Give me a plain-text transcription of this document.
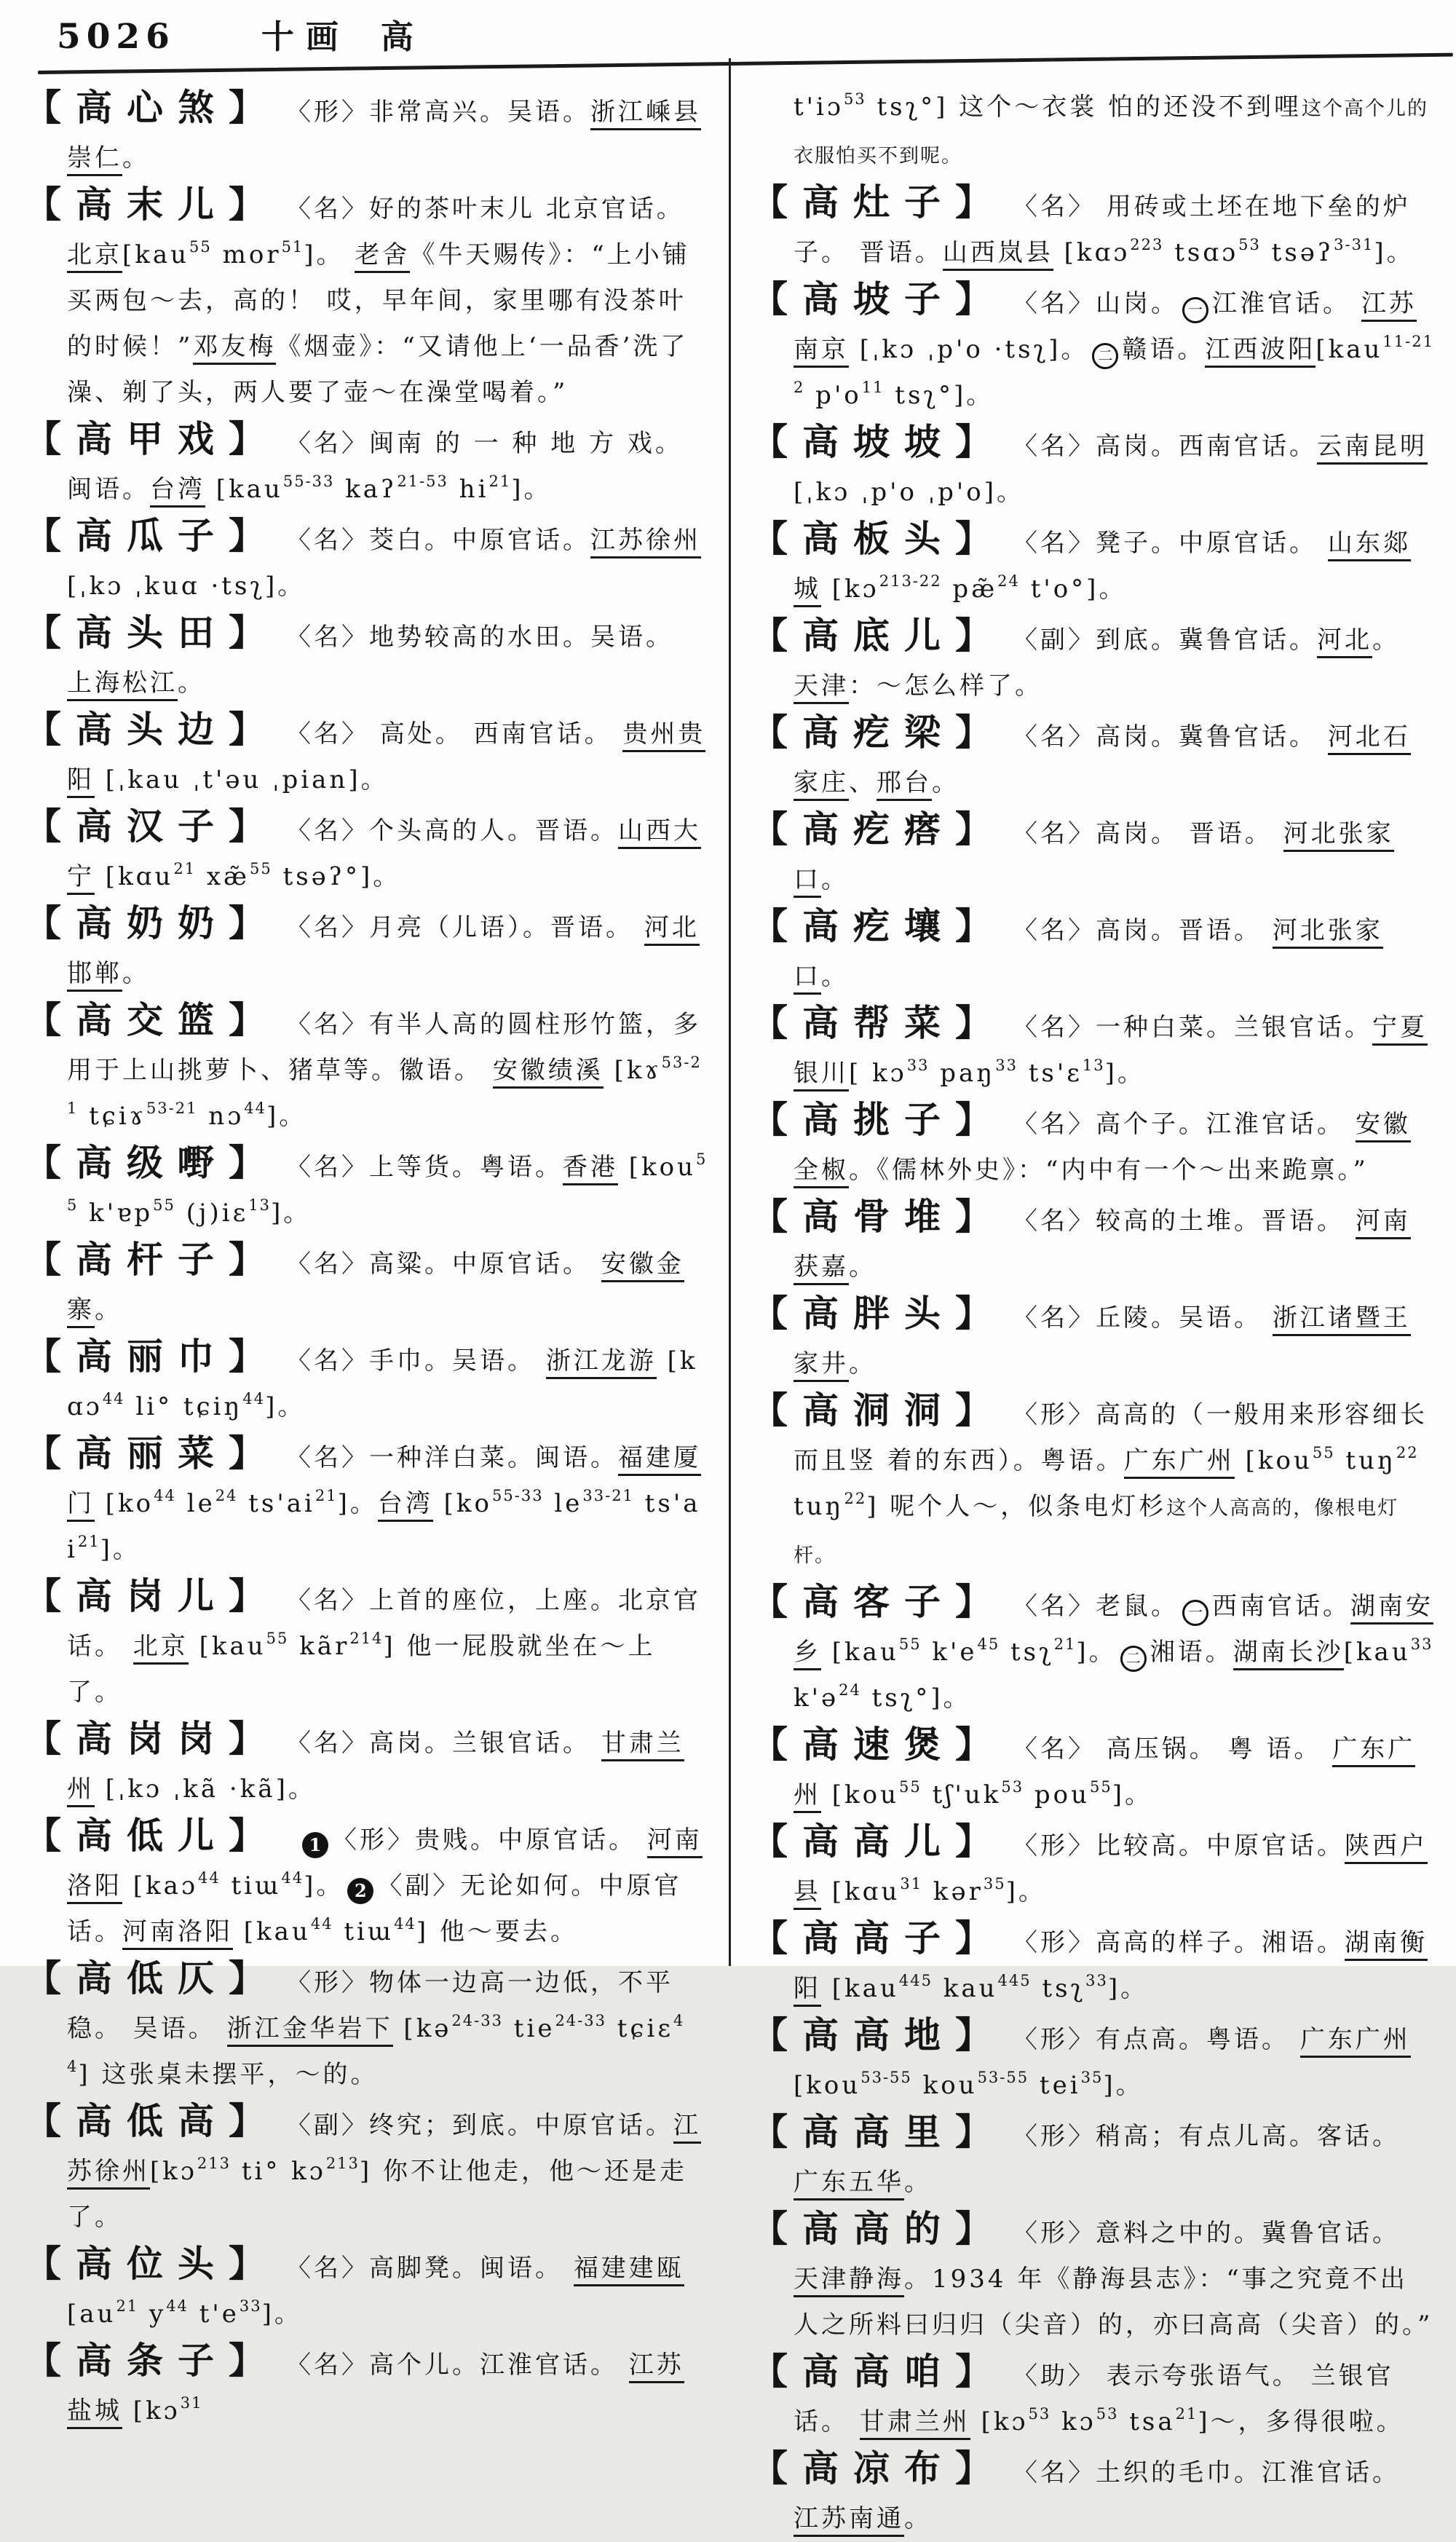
5026	十画 高

【高心煞】 〈形〉非常高兴。吴语。浙江嵊县崇仁。

【高末儿】 〈名〉好的茶叶末儿 北京官话。北京[kau$^{55}$ mor$^{51}$]。 老舍《牛天赐传》：“上小铺买两包～去，高的！ 哎，早年间，家里哪有没茶叶的时候！”邓友梅《烟壶》：“又请他上‘一品香’洗了澡、剃了头，两人要了壶～在澡堂喝着。”

【高甲戏】 〈名〉闽南 的 一 种 地 方 戏。 闽语。台湾 [kau$^{55-33}$ kaʔ$^{21-53}$ $hi^{21}$]。

【高瓜子】 〈名〉茭白。中原官话。江苏徐州[ˌkɔ ˌkuɑ ·tsʅ]。

【高头田】 〈名〉地势较高的水田。吴语。 上海松江。

【高头边】 〈名〉 高处。 西南官话。 贵州贵阳 [ˌkau ˌt'əu ˌpian]。

【高汉子】 〈名〉个头高的人。晋语。山西大宁 [kɑu$^{21}$ xæ̃$^{55}$ tsəʔ°]。

【高奶奶】 〈名〉月亮（儿语）。晋语。 河北邯郸。

【高交篮】 〈名〉有半人高的圆柱形竹篮，多用于上山挑萝卜、猪草等。徽语。 安徽绩溪 [kɤ$^{53-21}$ tɕiɤ$^{53-21}$ nɔ$^{44}$]。

【高级嘢】 〈名〉上等货。粤语。香港 [kou$^{55}$ k'ɐp$^{55}$ (j)iɛ$^{13}$]。

【高杆子】 〈名〉高粱。中原官话。 安徽金寨。

【高丽巾】 〈名〉手巾。吴语。 浙江龙游 [kɑɔ$^{44}$ li° tɕiŋ$^{44}$]。

【高丽菜】 〈名〉一种洋白菜。闽语。福建厦门 [$ko^{44}$ $le^{24}$ $ts'ai^{21}$]。台湾 [$ko^{55-33}$ $le^{33-21}$ $ts'ai^{21}$]。

【高岗儿】 〈名〉上首的座位，上座。北京官话。 北京 [kau$^{55}$ kãr$^{214}$] 他一屁股就坐在～上了。

【高岗岗】 〈名〉高岗。兰银官话。 甘肃兰州 [ˌkɔ ˌkã ·kã]。

【高低儿】 1 〈形〉贵贱。中原官话。 河南洛阳 [kaɔ$^{44}$ tiɯ$^{44}$]。 2 〈副〉无论如何。中原官话。河南洛阳 [kau$^{44}$ tiɯ$^{44}$] 他～要去。

【高低仄】 〈形〉物体一边高一边低，不平稳。 吴语。 浙江金华岩下 [kə$^{24-33}$ tie$^{24-33}$ tɕiɛ$^{44}$] 这张桌未摆平，～的。

【高低高】 〈副〉终究；到底。中原官话。江苏徐州[kɔ$^{213}$ ti° kɔ$^{213}$] 你不让他走，他～还是走了。

【高位头】 〈名〉高脚凳。闽语。 福建建瓯 [$au^{21}$ $y^{44}$ $t'e^{33}$]。

【高条子】 〈名〉高个儿。江淮官话。 江苏盐城 [kɔ$^{31}$

t'iɔ$^{53}$ tsʅ°] 这个～衣裳 怕的还没不到哩这个高个儿的衣服怕买不到呢。

【高灶子】 〈名〉 用砖或土坯在地下垒的炉子。 晋语。山西岚县 [kɑɔ$^{223}$ tsɑɔ$^{53}$ tsəʔ$^{3-31}$]。

【高坡子】 〈名〉山岗。 一 江淮官话。 江苏南京 [ˌkɔ ˌp'o ·tsʅ]。 二 赣语。江西波阳[kau$^{11-212}$ $p'o^{11}$ tsʅ°]。

【高坡坡】 〈名〉高岗。西南官话。云南昆明 [ˌkɔ ˌp'o ˌp'o]。

【高板头】 〈名〉凳子。中原官话。 山东郯城 [kɔ$^{213-22}$ pæ̃$^{24}$ t'o°]。

【高底儿】 〈副〉到底。冀鲁官话。河北。 天津：～怎么样了。

【高疙梁】 〈名〉高岗。冀鲁官话。 河北石家庄、邢台。

【高疙瘩】 〈名〉高岗。 晋语。 河北张家口。

【高疙壤】 〈名〉高岗。晋语。 河北张家口。

【高帮菜】 〈名〉一种白菜。兰银官话。宁夏银川[ kɔ$^{33}$ paŋ$^{33}$ ts'ɛ$^{13}$]。

【高挑子】 〈名〉高个子。江淮官话。 安徽全椒。《儒林外史》：“内中有一个～出来跪禀。”

【高骨堆】 〈名〉较高的土堆。晋语。 河南获嘉。

【高胖头】 〈名〉丘陵。吴语。 浙江诸暨王家井。

【高洞洞】 〈形〉高高的（一般用来形容细长而且竖 着的东西）。粤语。广东广州 [kou$^{55}$ tuŋ$^{22}$ tuŋ$^{22}$] 呢个人～，似条电灯杉这个人高高的，像根电灯杆。

【高客子】 〈名〉老鼠。 一 西南官话。湖南安乡 [kau$^{55}$ $k'e^{45}$ tsʅ$^{21}$]。 二 湘语。湖南长沙[kau$^{33}$ k'ə$^{24}$ tsʅ°]。

【高速煲】 〈名〉 高压锅。 粤 语。 广东广州 [kou$^{55}$ $tʃ'uk^{53}$ pou$^{55}$]。

【高高儿】 〈形〉比较高。中原官话。陕西户县 [kɑu$^{31}$ kər$^{35}$]。

【高高子】 〈形〉高高的样子。湘语。湖南衡阳 [kau$^{445}$ kau$^{445}$ tsʅ$^{33}$]。

【高高地】 〈形〉有点高。粤语。 广东广州 [kou$^{53-55}$ kou$^{53-55}$ tei$^{35}$]。

【高高里】 〈形〉稍高；有点儿高。客话。 广东五华。

【高高的】 〈形〉意料之中的。冀鲁官话。 天津静海。1934 年《静海县志》：“事之究竟不出人之所料曰归归（尖音）的，亦曰高高（尖音）的。”

【高高咱】 〈助〉 表示夸张语气。 兰银官话。 甘肃兰州 [kɔ$^{53}$ kɔ$^{53}$ tsa$^{21}$]～，多得很啦。

【高凉布】 〈名〉土织的毛巾。江淮官话。 江苏南通。
